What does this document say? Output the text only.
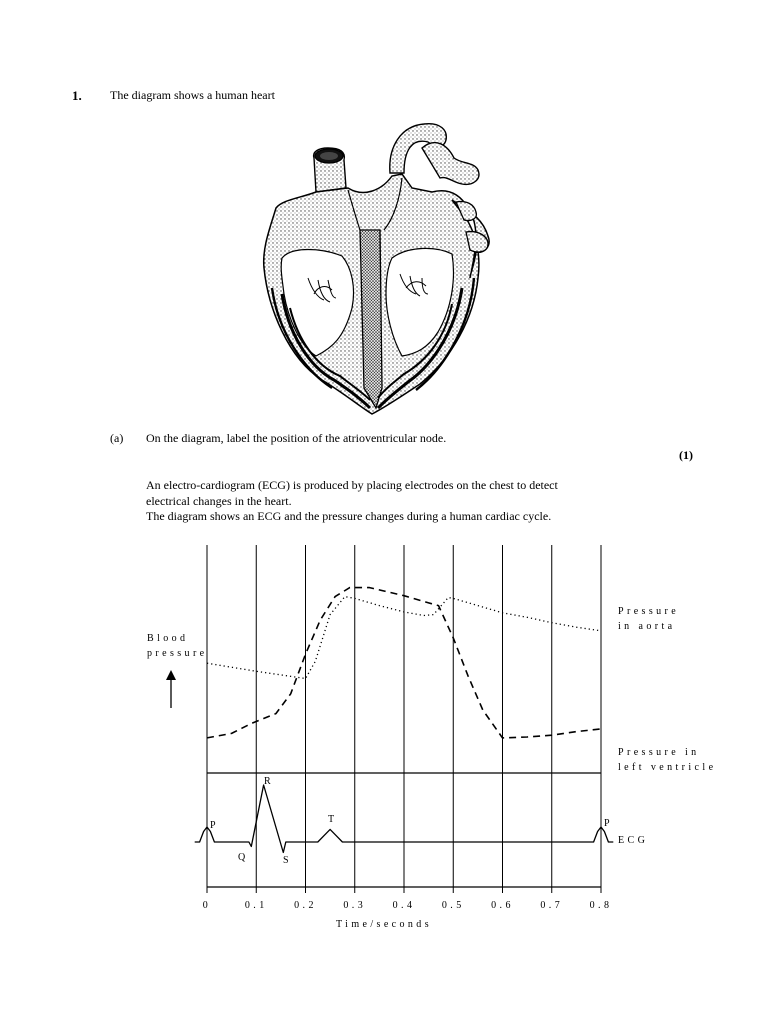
1. The diagram shows a human heart
(a) On the diagram, label the position of the atrioventricular node.
(1)
An electro-cardiogram (ECG) is produced by placing electrodes on the chest to detect
electrical changes in the heart.
The diagram shows an ECG and the pressure changes during a human cardiac cycle.
0	0.1	0.2	0.3	0.4	0.5	0.6	0.7	0.8
Time/seconds
Pressure
in aorta
Pressure in
left ventricle
ECG
Blood
pressure
P
Q
R
S
T	P
